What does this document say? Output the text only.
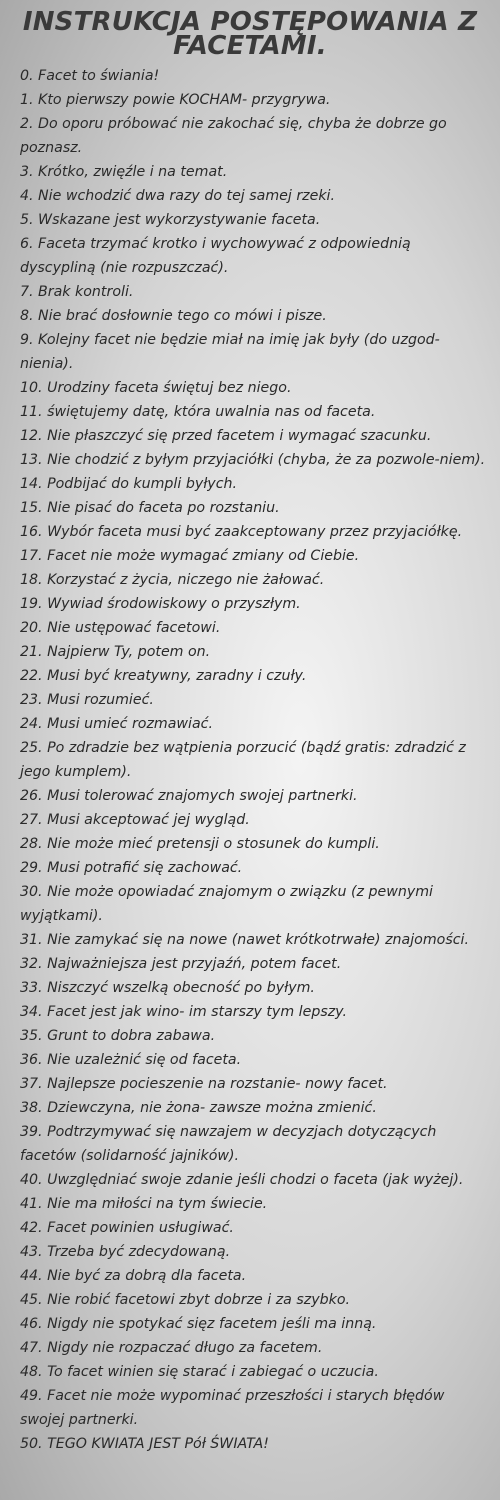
INSTRUKCJA POSTĘPOWANIA Z
FACETAMI.
0. Facet to świania!
1. Kto pierwszy powie KOCHAM- przygrywa.
2. Do oporu próbować nie zakochać się, chyba że dobrze go poznasz.
3. Krótko, zwięźle i na temat.
4. Nie wchodzić dwa razy do tej samej rzeki.
5. Wskazane jest wykorzystywanie faceta.
6. Faceta trzymać krotko i wychowywać z odpowiednią dyscypliną (nie rozpuszczać).
7. Brak kontroli.
8. Nie brać dosłownie tego co mówi i pisze.
9. Kolejny facet nie będzie miał na imię jak były (do uzgod-nienia).
10. Urodziny faceta świętuj bez niego.
11. świętujemy datę, która uwalnia nas od faceta.
12. Nie płaszczyć się przed facetem i wymagać szacunku.
13. Nie chodzić z byłym przyjaciółki (chyba, że za pozwole-niem).
14. Podbijać do kumpli byłych.
15. Nie pisać do faceta po rozstaniu.
16. Wybór faceta musi być zaakceptowany przez przyjaciółkę.
17. Facet nie może wymagać zmiany od Ciebie.
18. Korzystać z życia, niczego nie żałować.
19. Wywiad środowiskowy o przyszłym.
20. Nie ustępować facetowi.
21. Najpierw Ty, potem on.
22. Musi być kreatywny, zaradny i czuły.
23. Musi rozumieć.
24. Musi umieć rozmawiać.
25. Po zdradzie bez wątpienia porzucić (bądź gratis: zdradzić z jego kumplem).
26. Musi tolerować znajomych swojej partnerki.
27. Musi akceptować jej wygląd.
28. Nie może mieć pretensji o stosunek do kumpli.
29. Musi potrafić się zachować.
30. Nie może opowiadać znajomym o związku (z pewnymi wyjątkami).
31. Nie zamykać się na nowe (nawet krótkotrwałe) znajomości.
32. Najważniejsza jest przyjaźń, potem facet.
33. Niszczyć wszelką obecność po byłym.
34. Facet jest jak wino- im starszy tym lepszy.
35. Grunt to dobra zabawa.
36. Nie uzależnić się od faceta.
37. Najlepsze pocieszenie na rozstanie- nowy facet.
38. Dziewczyna, nie żona- zawsze można zmienić.
39. Podtrzymywać się nawzajem w decyzjach dotyczących facetów (solidarność jajników).
40. Uwzględniać swoje zdanie jeśli chodzi o faceta (jak wyżej).
41. Nie ma miłości na tym świecie.
42. Facet powinien usługiwać.
43. Trzeba być zdecydowaną.
44. Nie być za dobrą dla faceta.
45. Nie robić facetowi zbyt dobrze i za szybko.
46. Nigdy nie spotykać sięz facetem jeśli ma inną.
47. Nigdy nie rozpaczać długo za facetem.
48. To facet winien się starać i zabiegać o uczucia.
49. Facet nie może wypominać przeszłości i starych błędów swojej partnerki.
50. TEGO KWIATA JEST Pół ŚWIATA!
